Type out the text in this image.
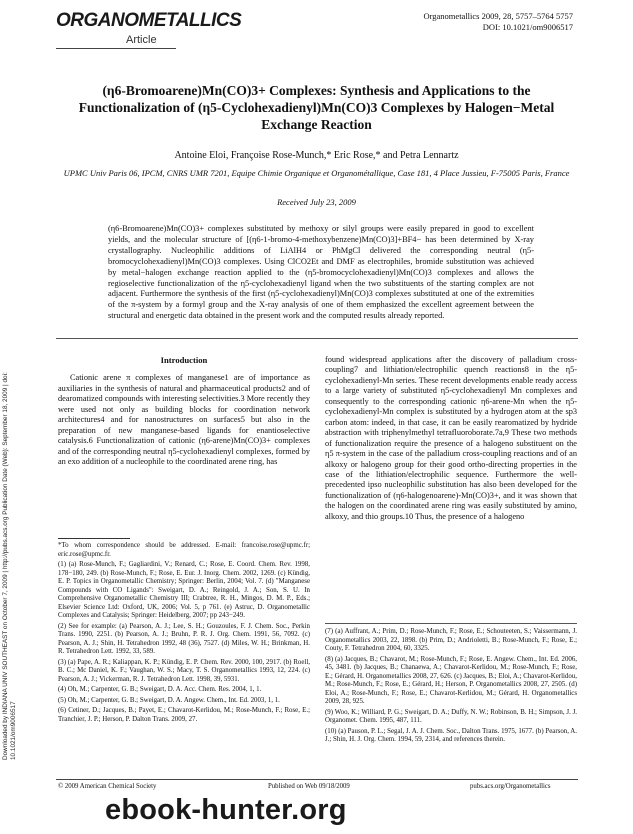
ORGANOMETALLICS
Article
Organometallics 2009, 28, 5757–5764 5757
DOI: 10.1021/om9006517
(η6-Bromoarene)Mn(CO)3+ Complexes: Synthesis and Applications to the Functionalization of (η5-Cyclohexadienyl)Mn(CO)3 Complexes by Halogen−Metal Exchange Reaction
Antoine Eloi, Françoise Rose-Munch,* Eric Rose,* and Petra Lennartz
UPMC Univ Paris 06, IPCM, CNRS UMR 7201, Equipe Chimie Organique et Organométallique, Case 181, 4 Place Jussieu, F-75005 Paris, France
Received July 23, 2009
(η6-Bromoarene)Mn(CO)3+ complexes substituted by methoxy or silyl groups were easily prepared in good to excellent yields, and the molecular structure of [(η6-1-bromo-4-methoxybenzene)Mn(CO)3]+BF4− has been determined by X-ray crystallography. Nucleophilic additions of LiAlH4 or PhMgCl delivered the corresponding neutral (η5-bromocyclohexadienyl)Mn(CO)3 complexes. Using ClCO2Et and DMF as electrophiles, bromide substitution was achieved by metal−halogen exchange reaction applied to the (η5-bromocyclohexadienyl)Mn(CO)3 complexes and allows the regioselective functionalization of the η5-cyclohexadienyl ligand when the two substituents of the starting complex are not adjacent. Furthermore the synthesis of the first (η5-cyclohexadienyl)Mn(CO)3 complexes substituted at one of the extremities of the π-system by a formyl group and the X-ray analysis of one of them emphasized the excellent agreement between the structural and energetic data obtained in the present work and the computed results already reported.
Introduction

Cationic arene π complexes of manganese1 are of importance as auxiliaries in the synthesis of natural and pharmaceutical products2 and of dearomatized compounds with interesting selectivities.3 More recently they were used not only as building blocks for coordination network architectures4 and for nanostructures on surfaces5 but also in the preparation of new manganese-based ligands for enantioselective catalysis.6 Functionalization of cationic (η6-arene)Mn(CO)3+ complexes and of the corresponding neutral η5-cyclohexadienyl complexes, formed by an exo addition of a nucleophile to the coordinated arene ring, has

found widespread applications after the discovery of palladium cross-coupling7 and lithiation/electrophilic quench reactions8 in the η5-cyclohexadienyl-Mn series. These recent developments enable ready access to a large variety of substituted η5-cyclohexadienyl Mn complexes and consequently to the corresponding cationic η6-arene-Mn when the η5-cyclohexadienyl-Mn complex is substituted by a hydrogen atom at the sp3 carbon atom: indeed, in that case, it can be easily rearomatized by hydride abstraction with triphenylmethyl tetrafluoroborate.7a,9 These two methods of functionalization require the presence of a halogeno substituent on the η5 π-system in the case of the palladium cross-coupling reactions and of an alkoxy or halogeno group for their good ortho-directing properties in the case of the lithiation/electrophilic sequence. Furthermore the well-precedented ipso nucleophilic substitution has also been developed for the functionalization of (η6-halogenoarene)-Mn(CO)3+, and it was shown that the halogen on the coordinated arene ring was easily substituted by amino, alkoxy, and thio groups.10 Thus, the presence of a halogeno

*To whom correspondence should be addressed. E-mail: francoise.rose@upmc.fr; eric.rose@upmc.fr.

(1) (a) Rose-Munch, F.; Gagliardini, V.; Renard, C.; Rose, E. Coord. Chem. Rev. 1998, 178−180, 249. (b) Rose-Munch, F.; Rose, E. Eur. J. Inorg. Chem. 2002, 1269. (c) Kündig, E. P. Topics in Organometallic Chemistry; Springer: Berlin, 2004; Vol. 7. (d) "Manganese Compounds with CO Ligands": Sweigart, D. A.; Reingold, J. A.; Son, S. U. In Comprehensive Organometallic Chemistry III; Crabtree, R. H., Mingos, D. M. P., Eds.; Elsevier Science Ltd: Oxford, UK, 2006; Vol. 5, p 761. (e) Astruc, D. Organometallic Complexes and Catalysis; Springer: Heidelberg, 2007; pp 243−249.

(2) See for example: (a) Pearson, A. J.; Lee, S. H.; Gouzoules, F. J. Chem. Soc., Perkin Trans. 1990, 2251. (b) Pearson, A. J.; Bruhn, P. R. J. Org. Chem. 1991, 56, 7092. (c) Pearson, A. J.; Shin, H. Tetrahedron 1992, 48 (36), 7527. (d) Miles, W. H.; Brinkman, H. R. Tetrahedron Lett. 1992, 33, 589.

(3) (a) Pape, A. R.; Kaliappan, K. P.; Kündig, E. P. Chem. Rev. 2000, 100, 2917. (b) Roell, B. C.; Mc Daniel, K. F.; Vaughan, W. S.; Macy, T. S. Organometallics 1993, 12, 224. (c) Pearson, A. J.; Vickerman, R. J. Tetrahedron Lett. 1998, 39, 5931.

(4) Oh, M.; Carpenter, G. B.; Sweigart, D. A. Acc. Chem. Res. 2004, 1, 1.

(5) Oh, M.; Carpenter, G. B.; Sweigart, D. A. Angew. Chem., Int. Ed. 2003, 1, 1.

(6) Cetiner, D.; Jacques, B.; Payet, E.; Chavarot-Kerlidou, M.; Rose-Munch, F.; Rose, E.; Tranchier, J. P.; Herson, P. Dalton Trans. 2009, 27.

(7) (a) Auffrant, A.; Prim, D.; Rose-Munch, F.; Rose, E.; Schouteeten, S.; Vaissermann, J. Organometallics 2003, 22, 1898. (b) Prim, D.; Andrioletti, B.; Rose-Munch, F.; Rose, E.; Couty, F. Tetrahedron 2004, 60, 3325.

(8) (a) Jacques, B.; Chavarot, M.; Rose-Munch, F.; Rose, E. Angew. Chem., Int. Ed. 2006, 45, 3481. (b) Jacques, B.; Chanaewa, A.; Chavarot-Kerlidou, M.; Rose-Munch, F.; Rose, E.; Gérard, H. Organometallics 2008, 27, 626. (c) Jacques, B.; Eloi, A.; Chavarot-Kerlidou, M.; Rose-Munch, F.; Rose, E.; Gérard, H.; Herson, P. Organometallics 2008, 27, 2505. (d) Eloi, A.; Rose-Munch, F.; Rose, E.; Chavarot-Kerlidou, M.; Gérard, H. Organometallics 2009, 28, 925.

(9) Woo, K.; Williard, P. G.; Sweigart, D. A.; Duffy, N. W.; Robinson, B. H.; Simpson, J. J. Organomet. Chem. 1995, 487, 111.

(10) (a) Pauson, P. L.; Segal, J. A. J. Chem. Soc., Dalton Trans. 1975, 1677. (b) Pearson, A. J.; Shin, H. J. Org. Chem. 1994, 59, 2314, and references therein.

© 2009 American Chemical Society	Published on Web 09/18/2009	pubs.acs.org/Organometallics
Downloaded by INDIANA UNIV SOUTHEAST on October 7, 2009 | http://pubs.acs.org Publication Date (Web): September 18, 2009 | doi: 10.1021/om9006517
ebook-hunter.org
